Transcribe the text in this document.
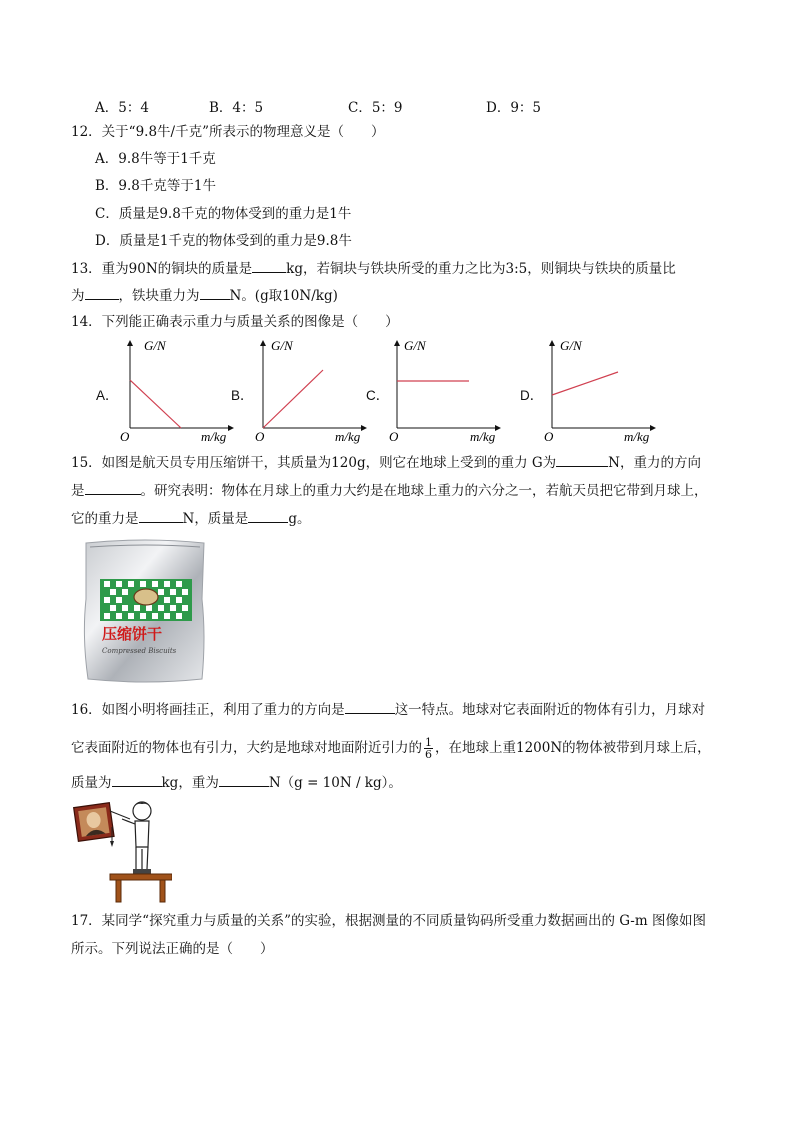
A．5：4	B．4：5	C．5：9	D．9：5
12．关于“9.8牛/千克”所表示的物理意义是（　　）
A．9.8牛等于1千克
B．9.8千克等于1牛
C．质量是9.8千克的物体受到的重力是1牛
D．质量是1千克的物体受到的重力是9.8牛
13．重为90N的铜块的质量是	kg，若铜块与铁块所受的重力之比为3:5，则铜块与铁块的质量比
为	，铁块重力为 N。(g取10N/kg)
14．下列能正确表示重力与质量关系的图像是（　　）
A．	B．	C．	D．
G/N
O	m/kg
G/N
O	m/kg
G/N
O	m/kg
G/N
O	m/kg
15．如图是航天员专用压缩饼干，其质量为120g，则它在地球上受到的重力 G为	N，重力的方向
是	。研究表明：物体在月球上的重力大约是在地球上重力的六分之一，若航天员把它带到月球上，
它的重力是	N，质量是	g。
压缩饼干
Compressed Biscuits
16．如图小明将画挂正，利用了重力的方向是	这一特点。地球对它表面附近的物体有引力，月球对
它表面附近的物体也有引力，大约是地球对地面附近引力的 $\frac{1}{6}$ ，在地球上重1200N的物体被带到月球上后，
质量为	kg，重为	N（g = 10N / kg）。
17．某同学“探究重力与质量的关系”的实验，根据测量的不同质量钩码所受重力数据画出的 G-m 图像如图
所示。下列说法正确的是（　　）
